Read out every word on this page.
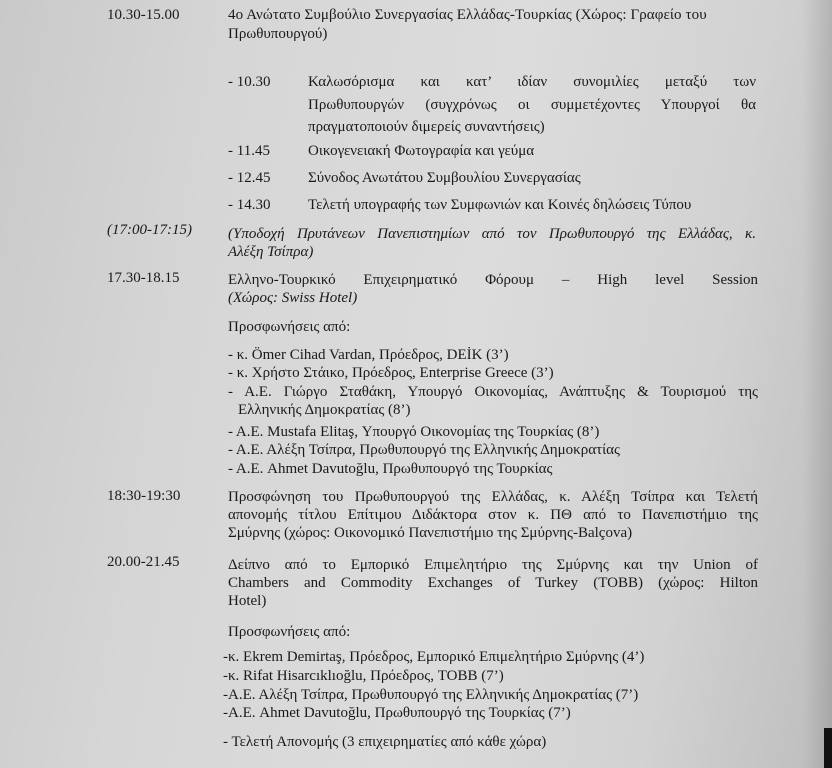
10.30-15.00	4ο Ανώτατο Συμβούλιο Συνεργασίας Ελλάδας-Τουρκίας (Χώρος: Γραφείο του
Πρωθυπουργού)
- 10.30	Καλωσόρισμα και κατ’ ιδίαν συνομιλίες μεταξύ των
Πρωθυπουργών (συγχρόνως οι συμμετέχοντες Υπουργοί θα
πραγματοποιούν διμερείς συναντήσεις)
- 11.45	Οικογενειακή Φωτογραφία και γεύμα
- 12.45	Σύνοδος Ανωτάτου Συμβουλίου Συνεργασίας
- 14.30	Τελετή υπογραφής των Συμφωνιών και Κοινές δηλώσεις Τύπου
(17:00-17:15) (Υποδοχή Πρυτάνεων Πανεπιστημίων από τον Πρωθυπουργό της Ελλάδας, κ.
Αλέξη Τσίπρα)
17.30-18.15	Ελληνο-Τουρκικό Επιχειρηματικό Φόρουμ – High level Session
(Χώρος: Swiss Hotel)
Προσφωνήσεις από:
- κ. Ömer Cihad Vardan, Πρόεδρος, DEİK (3’)
- κ. Χρήστο Στάικο, Πρόεδρος, Enterprise Greece (3’)
- Α.Ε. Γιώργο Σταθάκη, Υπουργό Οικονομίας, Ανάπτυξης & Τουρισμού της
Ελληνικής Δημοκρατίας (8’)
- Α.Ε. Mustafa Elitaş, Υπουργό Οικονομίας της Τουρκίας (8’)
- Α.Ε. Αλέξη Τσίπρα, Πρωθυπουργό της Ελληνικής Δημοκρατίας
- Α.Ε. Ahmet Davutoğlu, Πρωθυπουργό της Τουρκίας
18:30-19:30	Προσφώνηση του Πρωθυπουργού της Ελλάδας, κ. Αλέξη Τσίπρα και Τελετή
απονομής τίτλου Επίτιμου Διδάκτορα στον κ. ΠΘ από το Πανεπιστήμιο της
Σμύρνης (χώρος: Οικονομικό Πανεπιστήμιο της Σμύρνης-Balçova)
20.00-21.45	Δείπνο από το Εμπορικό Επιμελητήριο της Σμύρνης και την Union of
Chambers and Commodity Exchanges of Turkey (TOBB) (χώρος: Hilton
Hotel)
Προσφωνήσεις από:
-κ. Ekrem Demirtaş, Πρόεδρος, Εμπορικό Επιμελητήριο Σμύρνης (4’)
-κ. Rifat Hisarcıklıoğlu, Πρόεδρος, TOBB (7’)
-Α.Ε. Αλέξη Τσίπρα, Πρωθυπουργό της Ελληνικής Δημοκρατίας (7’)
-Α.Ε. Ahmet Davutoğlu, Πρωθυπουργό της Τουρκίας (7’)
- Τελετή Απονομής (3 επιχειρηματίες από κάθε χώρα)
